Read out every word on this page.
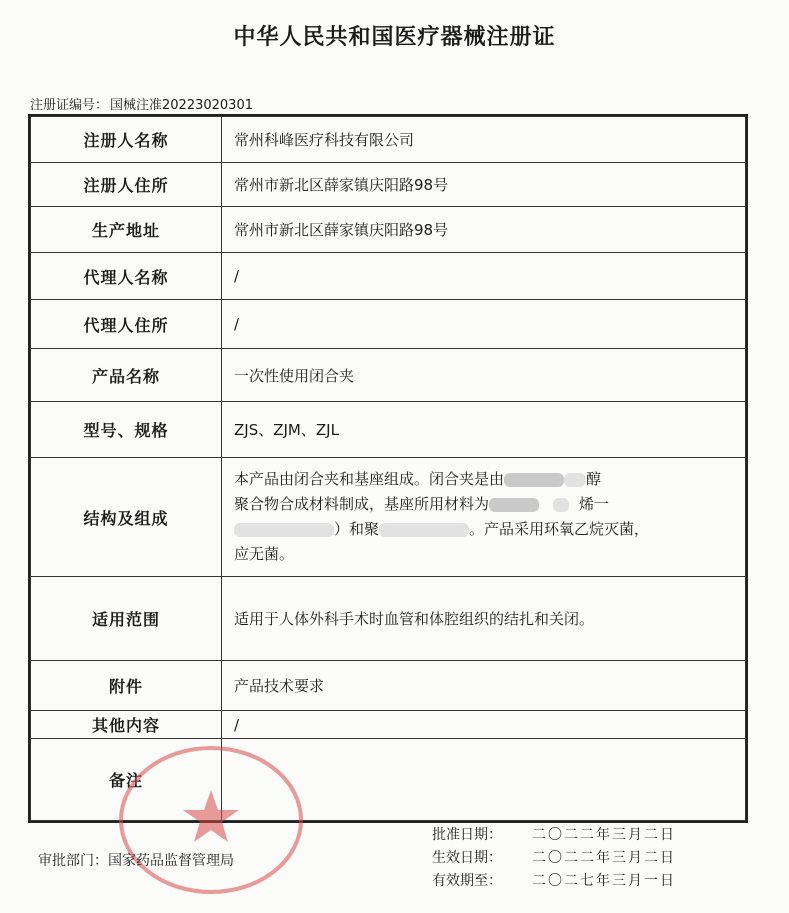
中华人民共和国医疗器械注册证
注册证编号： 国械注准20223020301
注册人名称	常州科峰医疗科技有限公司
注册人住所	常州市新北区薛家镇庆阳路98号
生产地址	常州市新北区薛家镇庆阳路98号
代理人名称	/
代理人住所	/
产品名称	一次性使用闭合夹
型号、规格	ZJS、ZJM、ZJL
结构及组成	本产品由闭合夹和基座组成。闭合夹是由 醇
聚合物合成材料制成，基座所用材料为 烯一
）和聚 。产品采用环氧乙烷灭菌，
应无菌。

适用范围	适用于人体外科手术时血管和体腔组织的结扎和关闭。
附件	产品技术要求
其他内容	/
备注	
审批部门：国家药品监督管理局
批准日期：	二〇二二年三月二日
生效日期：	二〇二二年三月二日
有效期至：	二〇二七年三月一日
